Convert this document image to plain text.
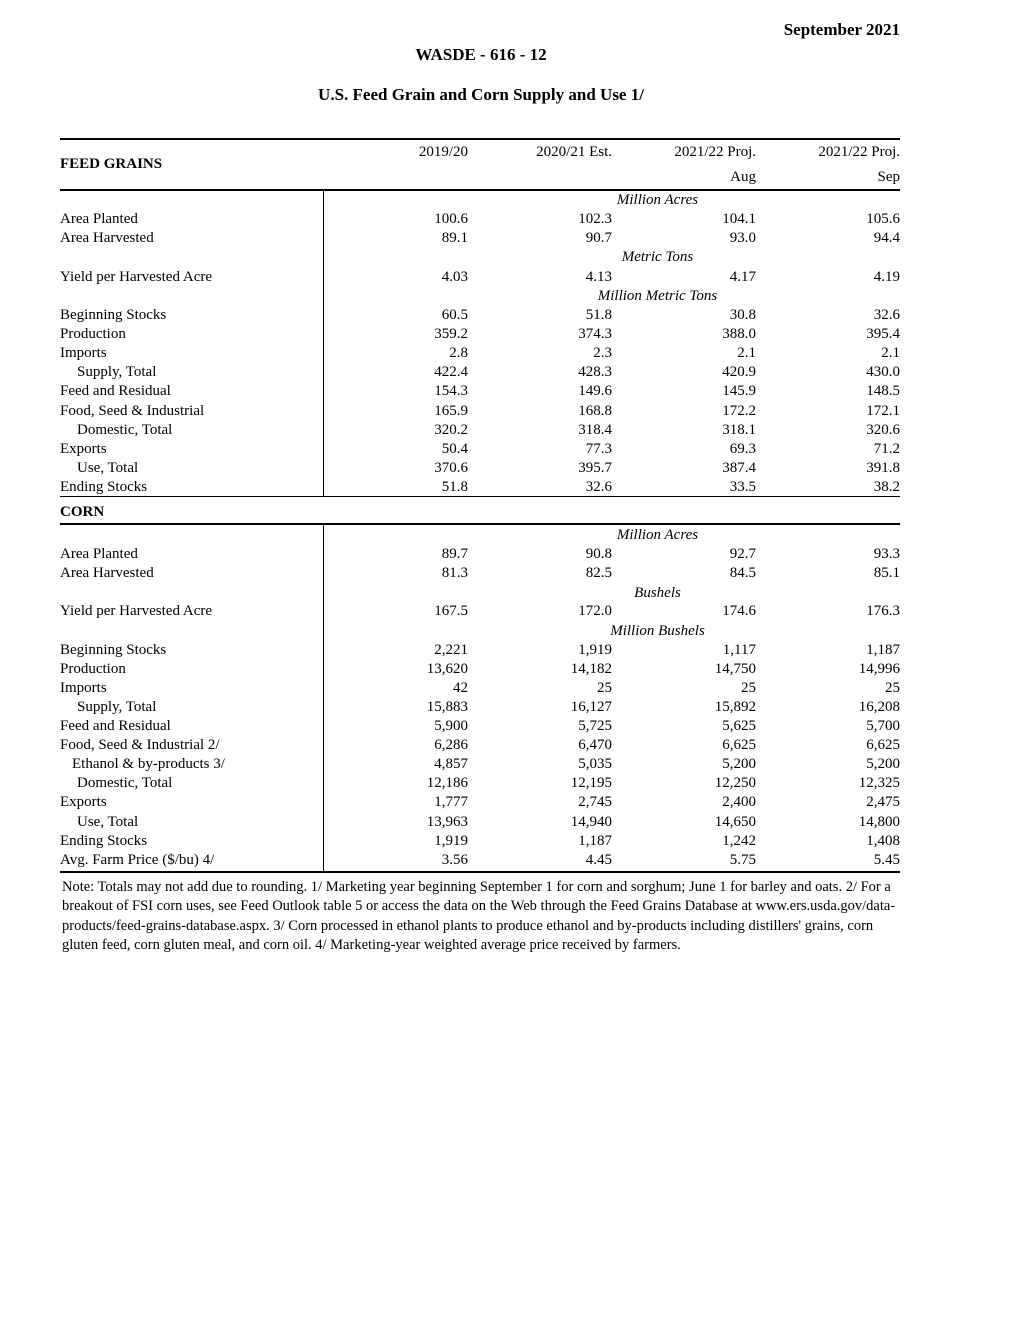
September 2021
WASDE - 616 - 12
U.S. Feed Grain and Corn Supply and Use 1/
2019/20	2020/21 Est.	2021/22 Proj.	2021/22 Proj.
Aug	Sep
FEED GRAINS
Million Acres
Metric Tons
Million Metric Tons
Area Planted	100.6	102.3	104.1	105.6
Area Harvested	89.1	90.7	93.0	94.4
Yield per Harvested Acre	4.03	4.13	4.17	4.19
Beginning Stocks	60.5	51.8	30.8	32.6
Production	359.2	374.3	388.0	395.4
Imports	2.8	2.3	2.1	2.1
Supply, Total	422.4	428.3	420.9	430.0
Feed and Residual	154.3	149.6	145.9	148.5
Food, Seed & Industrial	165.9	168.8	172.2	172.1
Domestic, Total	320.2	318.4	318.1	320.6
Exports	50.4	77.3	69.3	71.2
Use, Total	370.6	395.7	387.4	391.8
Ending Stocks	51.8	32.6	33.5	38.2
CORN
Million Acres
Bushels
Million Bushels
Area Planted	89.7	90.8	92.7	93.3
Area Harvested	81.3	82.5	84.5	85.1
Yield per Harvested Acre	167.5	172.0	174.6	176.3
Beginning Stocks	2,221	1,919	1,117	1,187
Production	13,620	14,182	14,750	14,996
Imports	42	25	25	25
Supply, Total	15,883	16,127	15,892	16,208
Feed and Residual	5,900	5,725	5,625	5,700
Food, Seed & Industrial 2/	6,286	6,470	6,625	6,625
Ethanol & by-products 3/	4,857	5,035	5,200	5,200
Domestic, Total	12,186	12,195	12,250	12,325
Exports	1,777	2,745	2,400	2,475
Use, Total	13,963	14,940	14,650	14,800
Ending Stocks	1,919	1,187	1,242	1,408
Avg. Farm Price ($/bu) 4/	3.56	4.45	5.75	5.45
Note: Totals may not add due to rounding. 1/ Marketing year beginning September 1 for corn and sorghum; June 1 for barley and oats. 2/ For a breakout of FSI corn uses, see Feed Outlook table 5 or access the data on the Web through the Feed Grains Database at www.ers.usda.gov/data-products/feed-grains-database.aspx. 3/ Corn processed in ethanol plants to produce ethanol and by-products including distillers' grains, corn gluten feed, corn gluten meal, and corn oil. 4/ Marketing-year weighted average price received by farmers.
